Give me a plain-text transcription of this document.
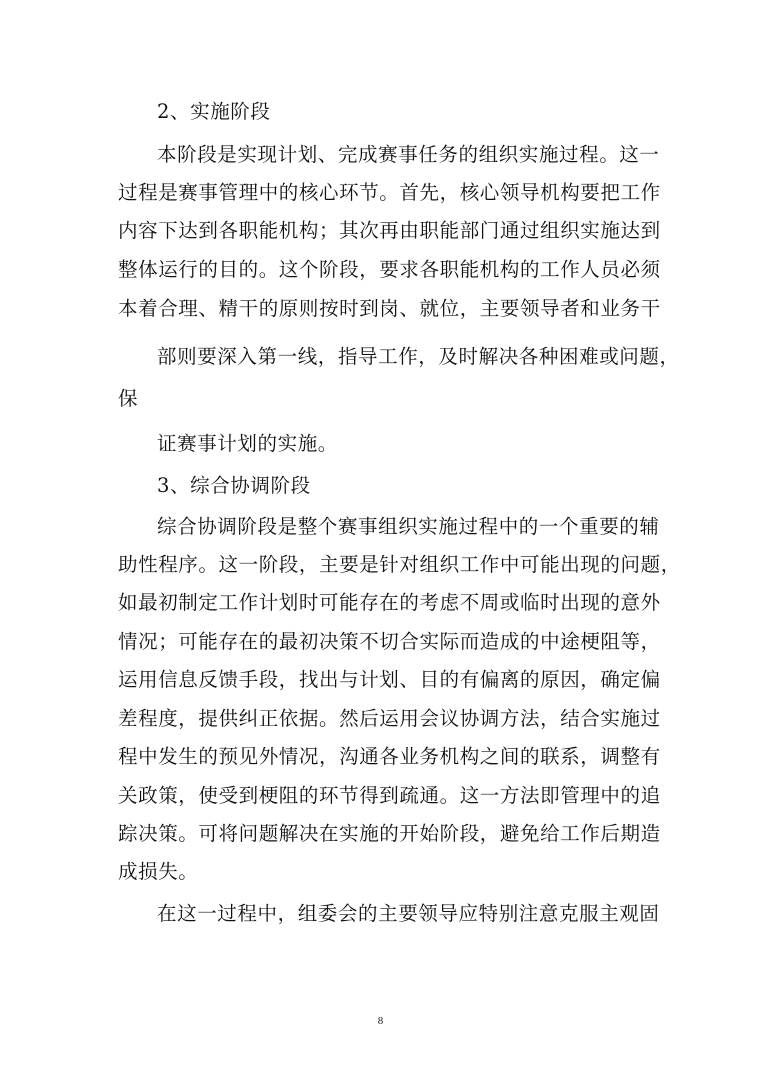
2、实施阶段
本阶段是实现计划、完成赛事任务的组织实施过程。这一
过程是赛事管理中的核心环节。首先，核心领导机构要把工作
内容下达到各职能机构；其次再由职能部门通过组织实施达到
整体运行的目的。这个阶段，要求各职能机构的工作人员必须
本着合理、精干的原则按时到岗、就位，主要领导者和业务干
部则要深入第一线，指导工作，及时解决各种困难或问题，
保
证赛事计划的实施。
3、综合协调阶段
综合协调阶段是整个赛事组织实施过程中的一个重要的辅
助性程序。这一阶段，主要是针对组织工作中可能出现的问题，
如最初制定工作计划时可能存在的考虑不周或临时出现的意外
情况；可能存在的最初决策不切合实际而造成的中途梗阻等，
运用信息反馈手段，找出与计划、目的有偏离的原因，确定偏
差程度，提供纠正依据。然后运用会议协调方法，结合实施过
程中发生的预见外情况，沟通各业务机构之间的联系，调整有
关政策，使受到梗阻的环节得到疏通。这一方法即管理中的追
踪决策。可将问题解决在实施的开始阶段，避免给工作后期造
成损失。
在这一过程中，组委会的主要领导应特别注意克服主观固
8
